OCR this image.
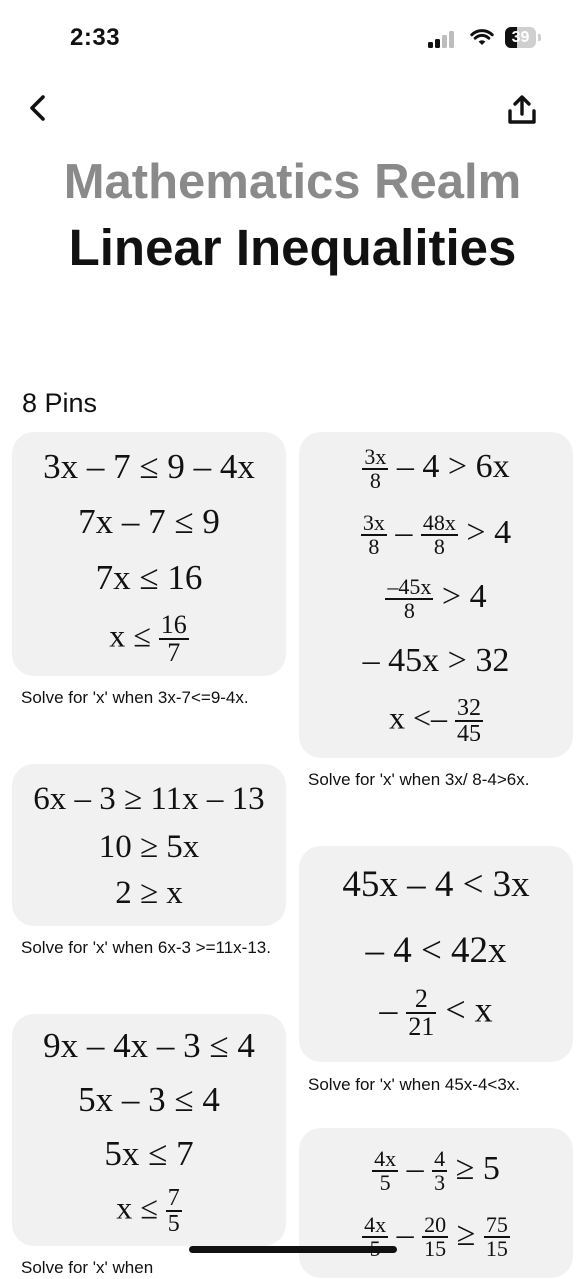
2:33	39
Mathematics Realm
Linear Inequalities
8 Pins
3x – 7 ≤ 9 – 4x
7x – 7 ≤ 9
7x ≤ 16
$x \le \frac{16}{7}$
Solve for 'x' when 3x-7<=9-4x.
$\frac{3x}{8} - 4 > 6x$
$\frac{3x}{8} - \frac{48x}{8} > 4$
$\frac{-45x}{8} > 4$
– 45x > 32
$x <- \frac{32}{45}$
Solve for 'x' when 3x/ 8-4>6x.
6x – 3 ≥ 11x – 13
10 ≥ 5x
2 ≥ x
Solve for 'x' when 6x-3 >=11x-13.
45x – 4 < 3x
– 4 < 42x
– $\frac{2}{21} < x$
Solve for 'x' when 45x-4<3x.
9x – 4x – 3 ≤ 4
5x – 3 ≤ 4
5x ≤ 7
$x \le \frac{7}{5}$
Solve for 'x' when
$\frac{4x}{5} - \frac{4}{3} \ge 5$
$4x - \frac{20}{15} \ge \frac{75}{15}$
